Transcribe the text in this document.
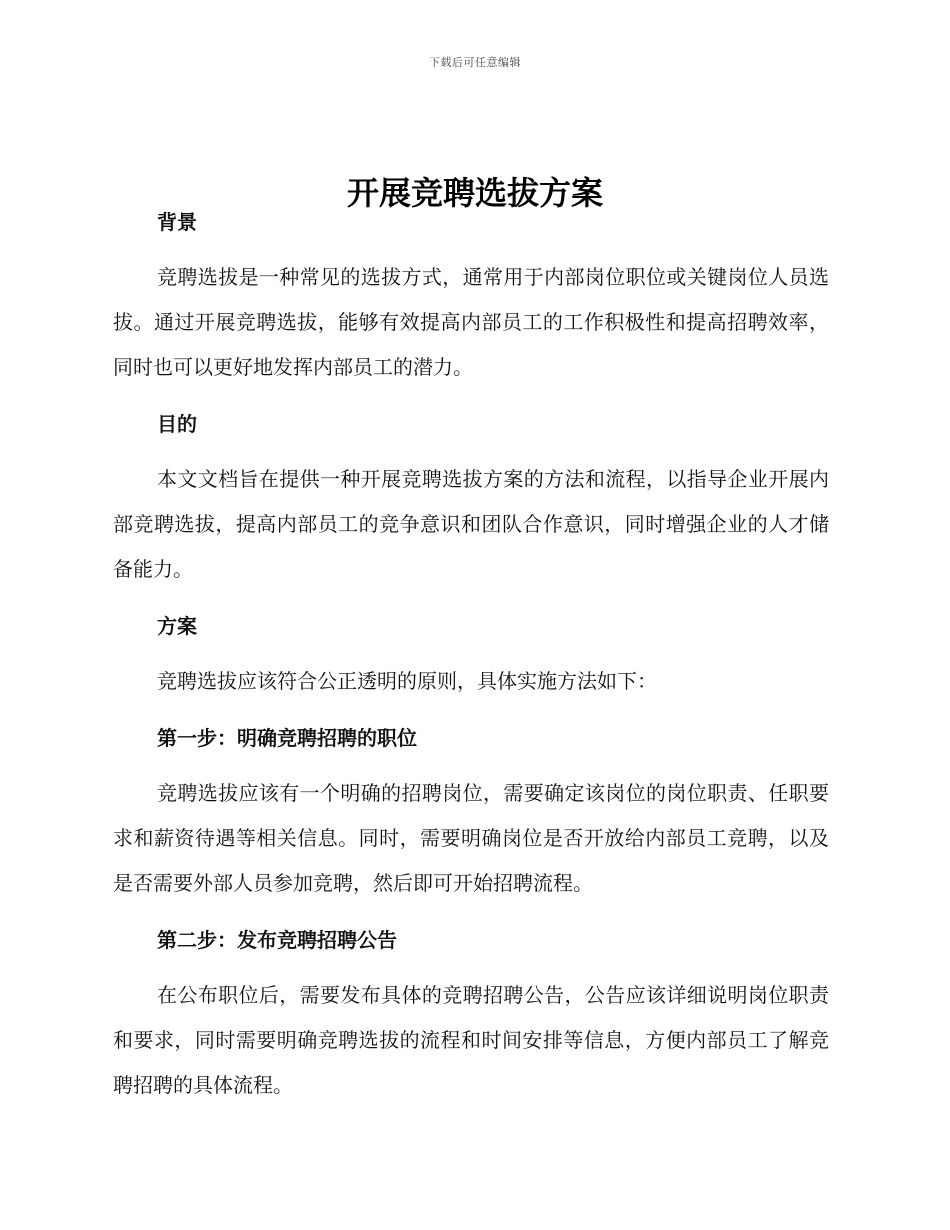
下载后可任意编辑
开展竞聘选拔方案
背景

竞聘选拔是一种常见的选拔方式，通常用于内部岗位职位或关键岗位人员选拔。通过开展竞聘选拔，能够有效提高内部员工的工作积极性和提高招聘效率，同时也可以更好地发挥内部员工的潜力。

目的

本文文档旨在提供一种开展竞聘选拔方案的方法和流程，以指导企业开展内部竞聘选拔，提高内部员工的竞争意识和团队合作意识，同时增强企业的人才储备能力。

方案

竞聘选拔应该符合公正透明的原则，具体实施方法如下：

第一步：明确竞聘招聘的职位

竞聘选拔应该有一个明确的招聘岗位，需要确定该岗位的岗位职责、任职要求和薪资待遇等相关信息。同时，需要明确岗位是否开放给内部员工竞聘，以及是否需要外部人员参加竞聘，然后即可开始招聘流程。

第二步：发布竞聘招聘公告

在公布职位后，需要发布具体的竞聘招聘公告，公告应该详细说明岗位职责和要求，同时需要明确竞聘选拔的流程和时间安排等信息，方便内部员工了解竞聘招聘的具体流程。
